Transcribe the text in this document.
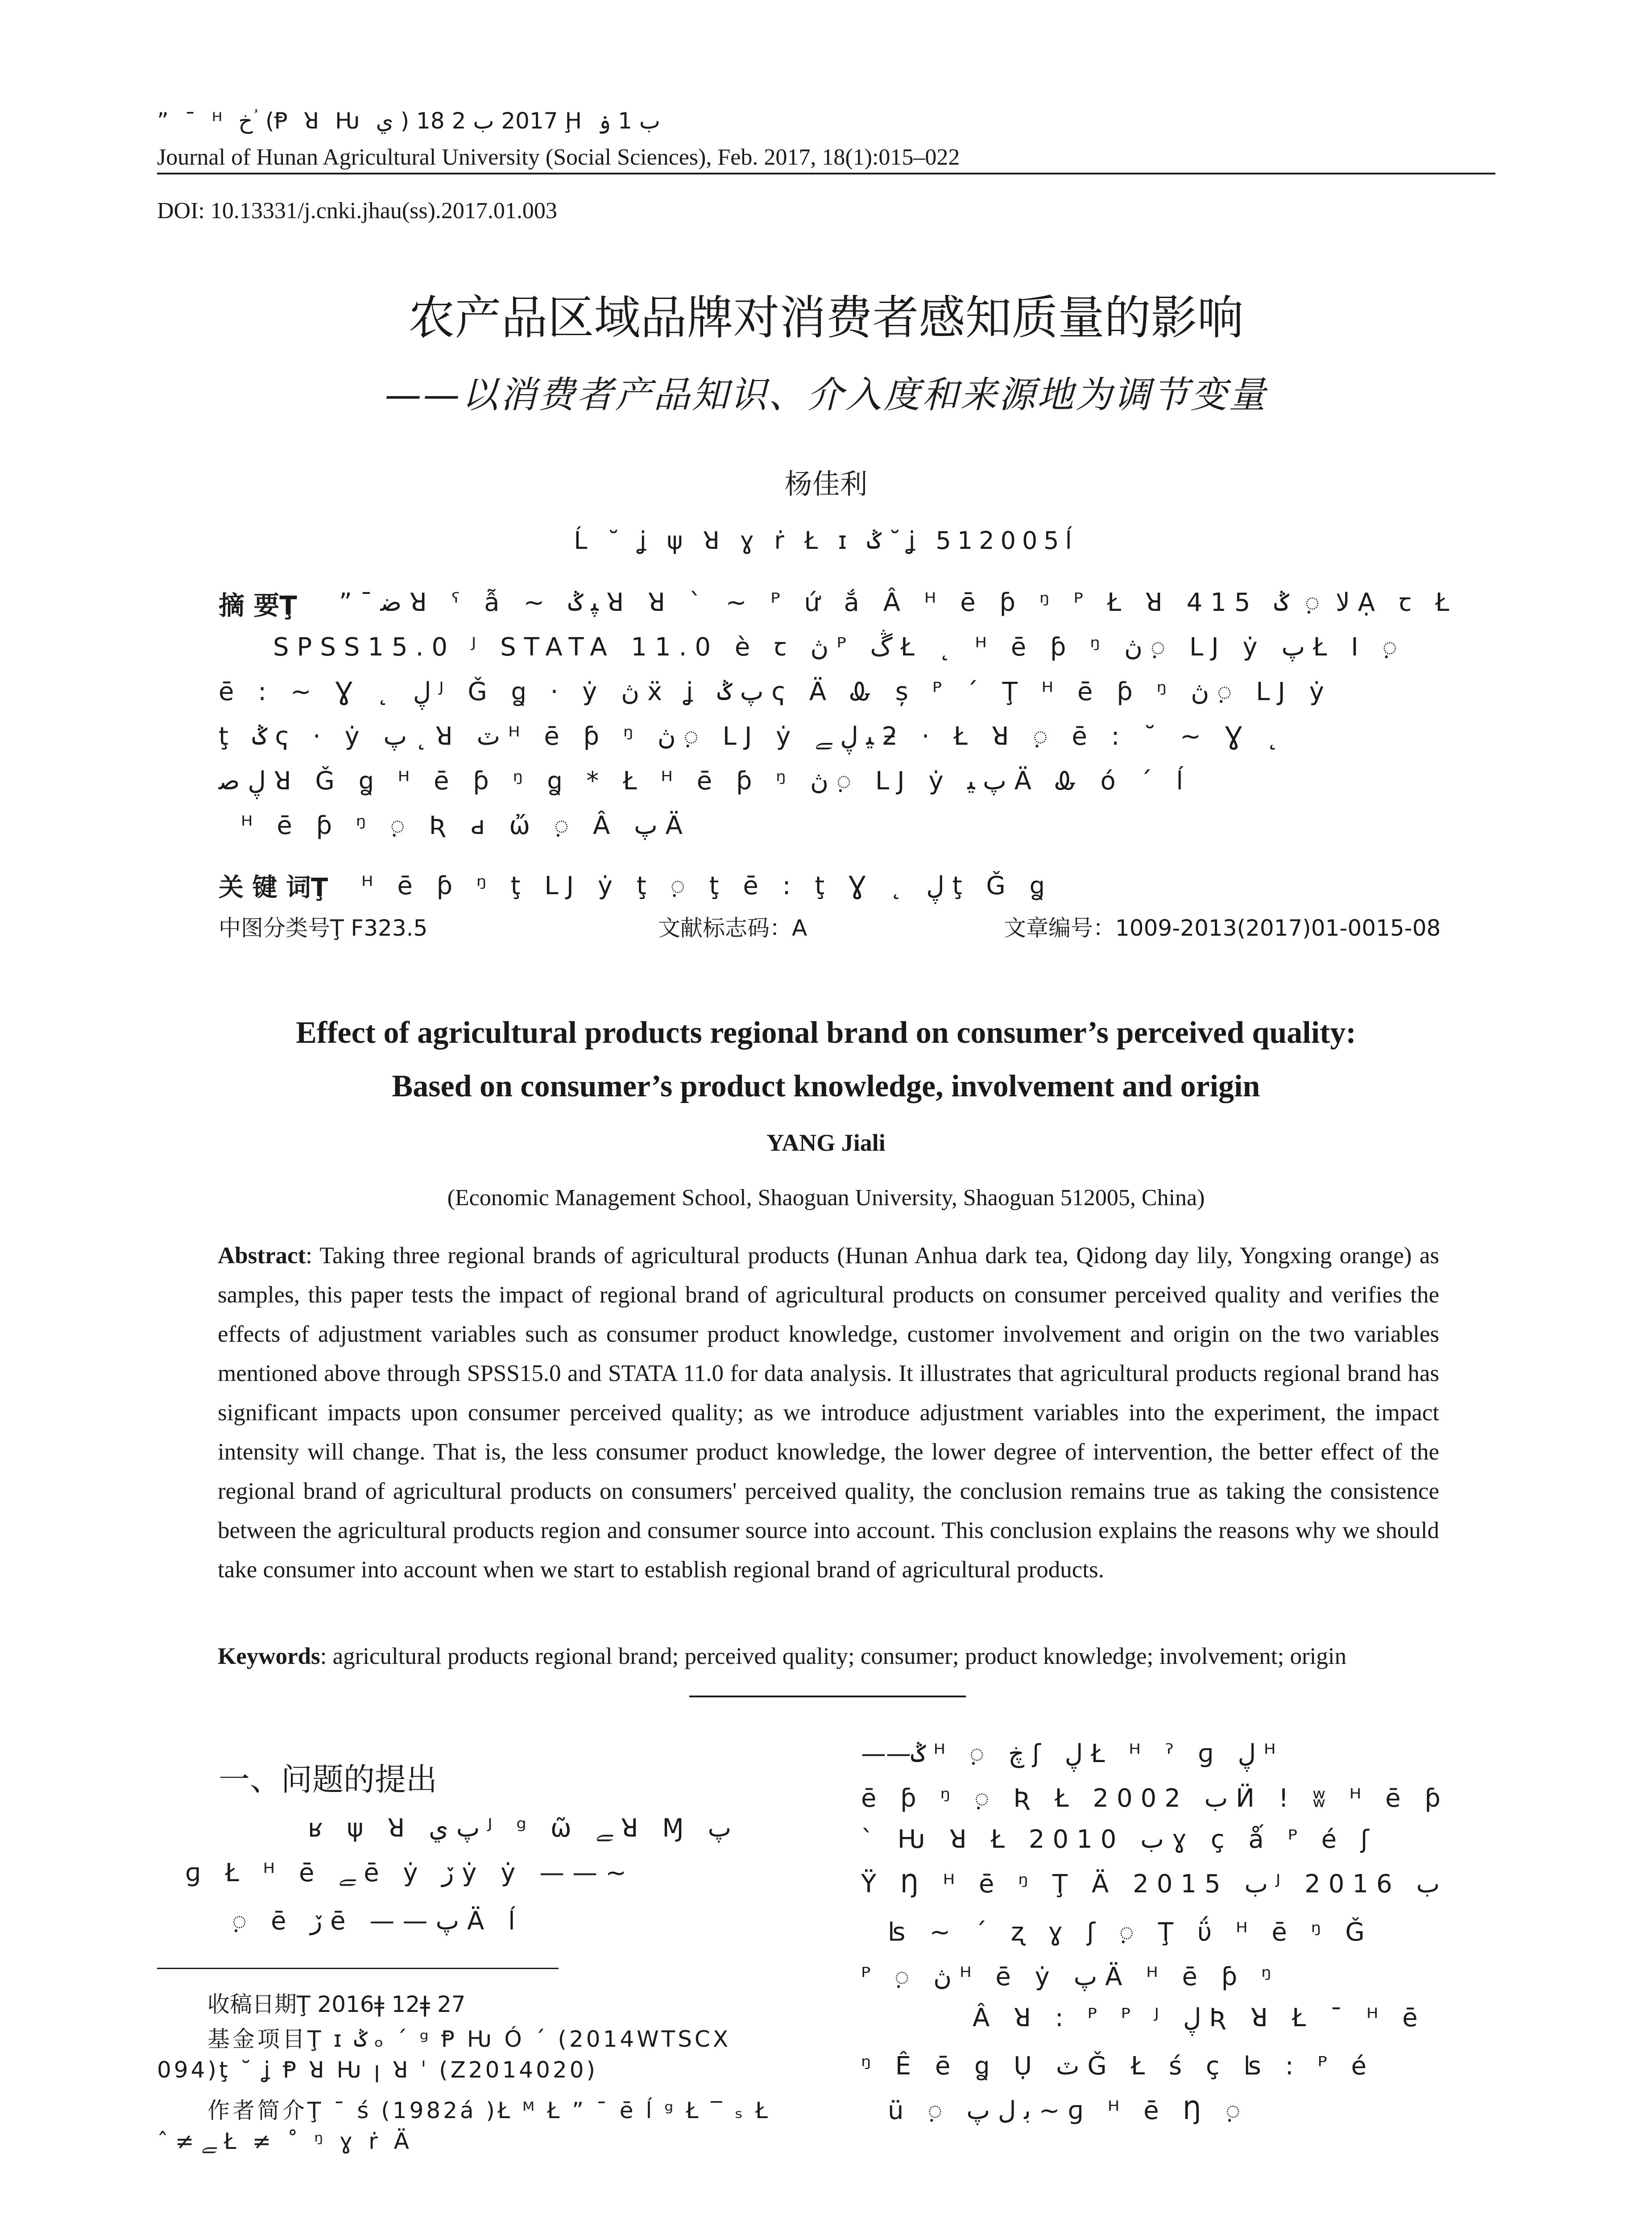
” ¯ ᴴ خ ؙ (Ᵽ ꓤ Ƕ ي ) 2017 ب 2 18 Ḩ ب 1 ۏ
Journal of Hunan Agricultural University (Social Sciences), Feb. 2017, 18(1):015–022
DOI: 10.13331/j.cnki.jhau(ss).2017.01.003
农产品区域品牌对消费者感知质量的影响
——以消费者产品知识、介入度和来源地为调节变量
杨佳利
Ĺ ˘ ʝ ψ ꓤ ɣ ṙ Ł ɪ ݣ ˘ ʝ 512005ĺ
摘 要Ţ ” ¯ ﺿ ꓤ ˁ ẫ ~ ﭙ ݣ ꓤ ꓤ ` ~ ᴾ ứ ắ Â ᴴ ē ƥ ᵑ ᴾ Ł ꓤ 415 ﻻ ़ ݣ Ạ ꞇ Ł
SPSS15.0 ᴶ STATA 11.0 è ꞇ ڽ ᴾ ڴ Ł ˛ ᴴ ē ƥ ᵑ ڽ ़ LJ ẏ ﭖ Ł ꓲ ़
ē : ~ Ɣ ˛ ڸ ᴶ Ǧ ꬶ · ẏ ڽ ẍ ʝ ﭖ ݣ ҁ Ä Ꮂ ș ᴾ ˊ Ţ ᴴ ē ƥ ᵑ ڽ ़ LJ ẏ
ţ ݣ ҁ · ẏ ﭖ ˛ ꓤ ٽ ᴴ ē ƥ ᵑ ڽ ़ LJ ẏ ﻴ ڸ ﮯ ƻ · Ł ꓤ ़ ē : ˘ ~ Ɣ ˛
ڸ ﺻ ꓤ Ǧ ꬶ ᴴ ē ƥ ᵑ ꬶ * Ł ᴴ ē ƥ ᵑ ڽ ़ LJ ẏ ﭖ ﻴ Ä Ꮂ ó ˊ ĺ
ᴴ ē ƥ ᵑ ़ Ʀ ԁ ὤ ़ Â ﭖ Ä
关 键 词Ţ ᴴ ē ƥ ᵑ ţ LJ ẏ ţ ़ ţ ē : ţ Ɣ ˛ ڸ ţ Ǧ ꬶ
中图分类号Ţ F323.5	文献标志码：A	文章编号：1009-2013(2017)01-0015-08
Effect of agricultural products regional brand on consumer’s perceived quality:
Based on consumer’s product knowledge, involvement and origin
YANG Jiali
(Economic Management School, Shaoguan University, Shaoguan 512005, China)
Abstract: Taking three regional brands of agricultural products (Hunan Anhua dark tea, Qidong day lily, Yongxing orange) as samples, this paper tests the impact of regional brand of agricultural products on consumer perceived quality and verifies the effects of adjustment variables such as consumer product knowledge, customer involvement and origin on the two variables mentioned above through SPSS15.0 and STATA 11.0 for data analysis. It illustrates that agricultural products regional brand has significant impacts upon consumer perceived quality; as we introduce adjustment variables into the experiment, the impact intensity will change. That is, the less consumer product knowledge, the lower degree of intervention, the better effect of the regional brand of agricultural products on consumers' perceived quality, the conclusion remains true as taking the consistence between the agricultural products region and consumer source into account. This conclusion explains the reasons why we should take consumer into account when we start to establish regional brand of agricultural products.
Keywords: agricultural products regional brand; perceived quality; consumer; product knowledge; involvement; origin
一、问题的提出
ʁ ψ ꓤ ﭖ ي ᴶ ᵍ ῶ ﮯ ꓤ Ɱ ﭖ
ɡ Ł ᴴ ē ﮯ ē ẏ ڒ ẏ ẏ ——~
़ ē ڒ ē ——ﭖ Ä ĺ
收稿日期Ţ 2016ǂ 12ǂ 27
基金项目Ţ ɪ ݣ ₒ ˊ ᵍ Ᵽ Ƕ Ó ˊ (2014WTSCX
094)ţ ˘ ʝ Ᵽ ꓤ Ƕ ꞁ ꓤ ˈ (Z2014020)
作者简介Ţ ¯ ś (1982á )Ł ᴹ Ł ” ¯ ē ĺ ᵍ Ł ‾ ₛ Ł
ˆ ≠ ﮯ Ł ≠ ˚ ᵑ ɣ ṙ Ä
——ݣ ᴴ ़ ڿ ʃ ڸ Ł ᴴ ˀ ɡ ڸ ᴴ
ē ƥ ᵑ ़ Ʀ Ł 2002 ب Ӥ ! ʬ ᴴ ē ƥ
ˋ Ƕ ꓤ Ł 2010 ب ɣ ç ǻ ᴾ é ʃ
Ÿ Ŋ ᴴ ē ᵑ Ţ Ä 2015 ب ᴶ 2016 ب
ʪ ~ ˊ ʐ ɣ ʃ ़ Ţ ΰ ᴴ ē ᵑ Ǧ
ᴾ ़ ڽ ᴴ ē ẏ ﭖ Ä ᴴ ē ƥ ᵑ
Â ꓤ : ᴾ ᴾ ᴶ ڸ Ʀ ꓤ Ł ¯ ᴴ ē
ᵑ Ê ē ꬶ Ụ ٽ Ǧ Ł ś ç ʪ : ᴾ é
ü ़ ﺑ ﻝ ﭖ ~ ɡ ᴴ ē Ŋ ़
